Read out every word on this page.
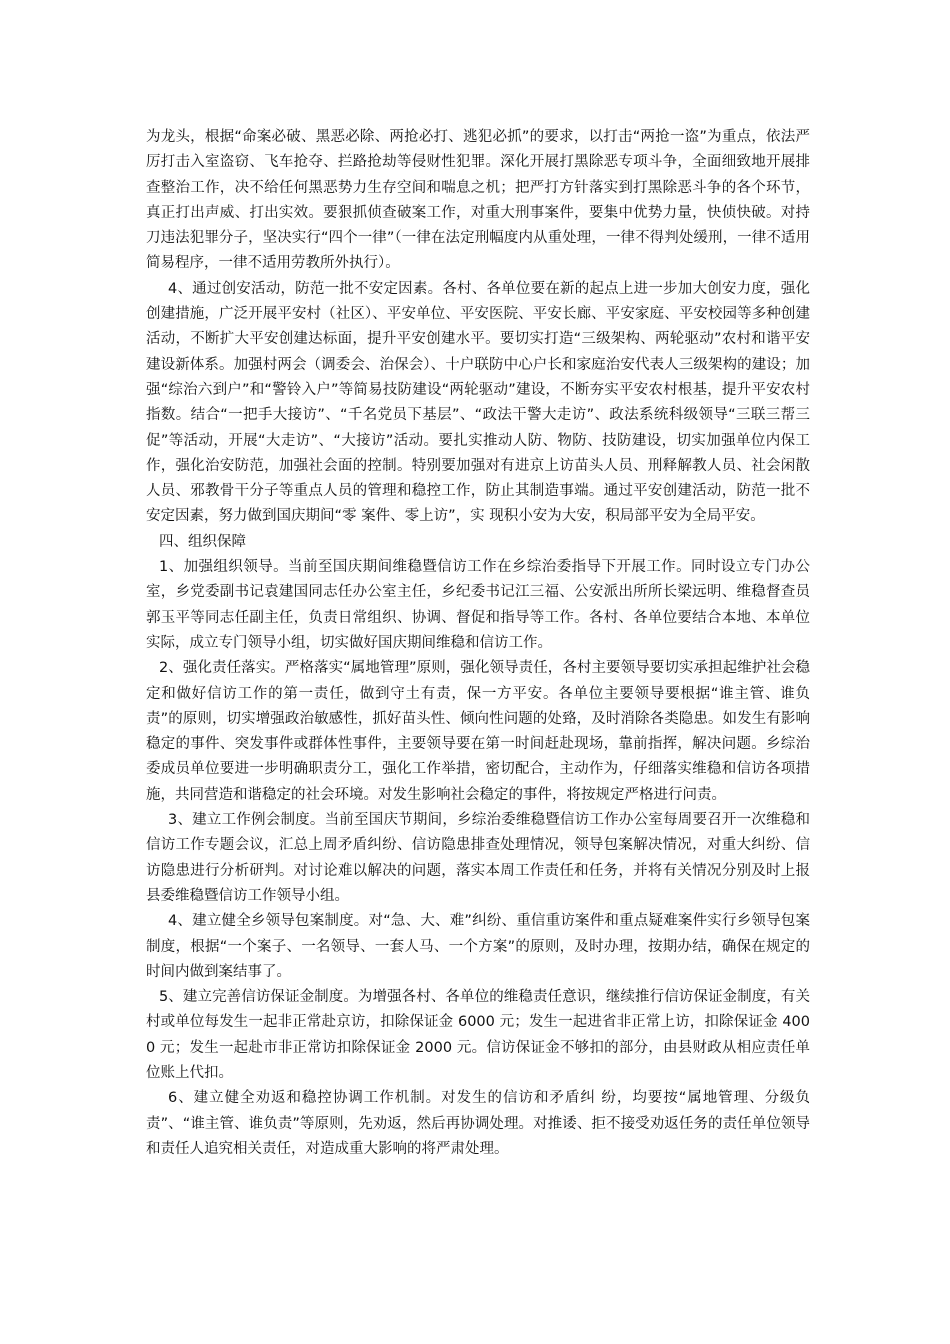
为龙头，根据“命案必破、黑恶必除、两抢必打、逃犯必抓”的要求，以打击“两抢一盗”为重点，依法严厉打击入室盗窃、飞车抢夺、拦路抢劫等侵财性犯罪。深化开展打黑除恶专项斗争，全面细致地开展排查整治工作，决不给任何黑恶势力生存空间和喘息之机；把严打方针落实到打黑除恶斗争的各个环节，真正打出声威、打出实效。要狠抓侦查破案工作，对重大刑事案件，要集中优势力量，快侦快破。对持刀违法犯罪分子，坚决实行“四个一律”（一律在法定刑幅度内从重处理，一律不得判处缓刑，一律不适用简易程序，一律不适用劳教所外执行）。

4、通过创安活动，防范一批不安定因素。各村、各单位要在新的起点上进一步加大创安力度，强化创建措施，广泛开展平安村（社区）、平安单位、平安医院、平安长廊、平安家庭、平安校园等多种创建活动，不断扩大平安创建达标面，提升平安创建水平。要切实打造“三级架构、两轮驱动”农村和谐平安建设新体系。加强村两会（调委会、治保会）、十户联防中心户长和家庭治安代表人三级架构的建设；加强“综治六到户”和“警铃入户”等简易技防建设“两轮驱动”建设，不断夯实平安农村根基，提升平安农村指数。结合“一把手大接访”、“千名党员下基层”、“政法干警大走访”、政法系统科级领导“三联三帮三促”等活动，开展“大走访”、“大接访”活动。要扎实推动人防、物防、技防建设，切实加强单位内保工作，强化治安防范，加强社会面的控制。特别要加强对有进京上访苗头人员、刑释解教人员、社会闲散人员、邪教骨干分子等重点人员的管理和稳控工作，防止其制造事端。通过平安创建活动，防范一批不安定因素，努力做到国庆期间“零 案件、零上访”，实 现积小安为大安，积局部平安为全局平安。

四、组织保障

1、加强组织领导。当前至国庆期间维稳暨信访工作在乡综治委指导下开展工作。同时设立专门办公室，乡党委副书记袁建国同志任办公室主任，乡纪委书记江三福、公安派出所所长梁远明、维稳督查员郭玉平等同志任副主任，负责日常组织、协调、督促和指导等工作。各村、各单位要结合本地、本单位实际，成立专门领导小组，切实做好国庆期间维稳和信访工作。

2、强化责任落实。严格落实“属地管理”原则，强化领导责任，各村主要领导要切实承担起维护社会稳定和做好信访工作的第一责任，做到守土有责，保一方平安。各单位主要领导要根据“谁主管、谁负责”的原则，切实增强政治敏感性，抓好苗头性、倾向性问题的处臵，及时消除各类隐患。如发生有影响稳定的事件、突发事件或群体性事件，主要领导要在第一时间赶赴现场，靠前指挥，解决问题。乡综治委成员单位要进一步明确职责分工，强化工作举措，密切配合，主动作为，仔细落实维稳和信访各项措施，共同营造和谐稳定的社会环境。对发生影响社会稳定的事件，将按规定严格进行问责。

3、建立工作例会制度。当前至国庆节期间，乡综治委维稳暨信访工作办公室每周要召开一次维稳和信访工作专题会议，汇总上周矛盾纠纷、信访隐患排查处理情况，领导包案解决情况，对重大纠纷、信访隐患进行分析研判。对讨论难以解决的问题，落实本周工作责任和任务，并将有关情况分别及时上报县委维稳暨信访工作领导小组。

4、建立健全乡领导包案制度。对“急、大、难”纠纷、重信重访案件和重点疑难案件实行乡领导包案制度，根据“一个案子、一名领导、一套人马、一个方案”的原则，及时办理，按期办结，确保在规定的时间内做到案结事了。

5、建立完善信访保证金制度。为增强各村、各单位的维稳责任意识，继续推行信访保证金制度，有关村或单位每发生一起非正常赴京访，扣除保证金 6000 元；发生一起进省非正常上访，扣除保证金 4000 元；发生一起赴市非正常访扣除保证金 2000 元。信访保证金不够扣的部分，由县财政从相应责任单位账上代扣。

6、建立健全劝返和稳控协调工作机制。对发生的信访和矛盾纠 纷，均要按“属地管理、分级负责”、“谁主管、谁负责”等原则，先劝返，然后再协调处理。对推诿、拒不接受劝返任务的责任单位领导和责任人追究相关责任，对造成重大影响的将严肃处理。
